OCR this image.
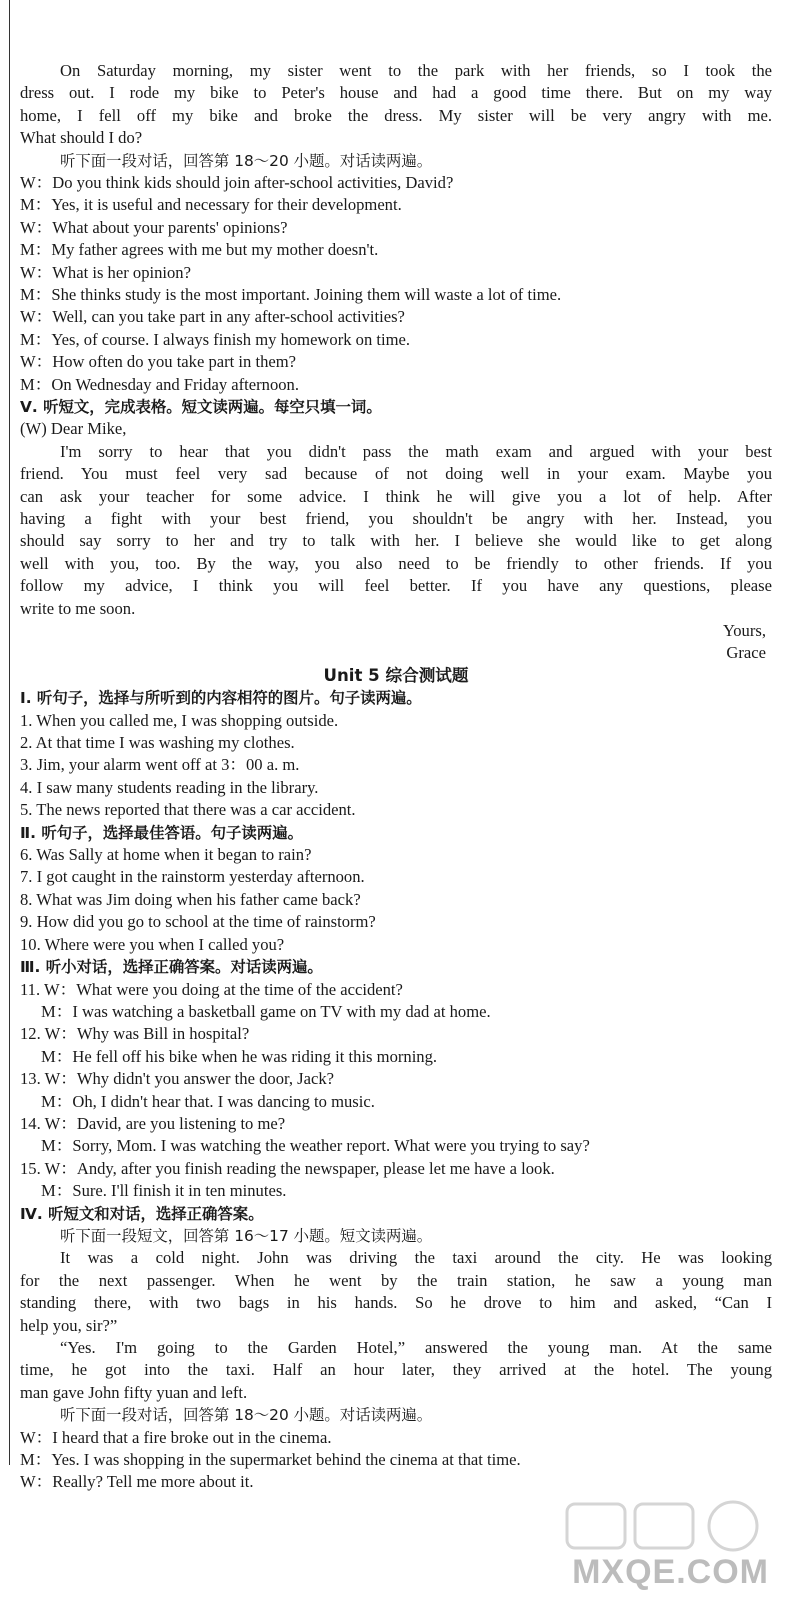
On Saturday morning, my sister went to the park with her friends, so I took the
dress out. I rode my bike to Peter's house and had a good time there. But on my way
home, I fell off my bike and broke the dress. My sister will be very angry with me.
What should I do?
听下面一段对话，回答第 18～20 小题。对话读两遍。
W：Do you think kids should join after-school activities, David?
M：Yes, it is useful and necessary for their development.
W：What about your parents' opinions?
M：My father agrees with me but my mother doesn't.
W：What is her opinion?
M：She thinks study is the most important. Joining them will waste a lot of time.
W：Well, can you take part in any after-school activities?
M：Yes, of course. I always finish my homework on time.
W：How often do you take part in them?
M：On Wednesday and Friday afternoon.
Ⅴ. 听短文，完成表格。短文读两遍。每空只填一词。
(W) Dear Mike,
I'm sorry to hear that you didn't pass the math exam and argued with your best
friend. You must feel very sad because of not doing well in your exam. Maybe you
can ask your teacher for some advice. I think he will give you a lot of help. After
having a fight with your best friend, you shouldn't be angry with her. Instead, you
should say sorry to her and try to talk with her. I believe she would like to get along
well with you, too. By the way, you also need to be friendly to other friends. If you
follow my advice, I think you will feel better. If you have any questions, please
write to me soon.
Yours,
Grace
Unit 5 综合测试题
Ⅰ. 听句子，选择与所听到的内容相符的图片。句子读两遍。
1. When you called me, I was shopping outside.
2. At that time I was washing my clothes.
3. Jim, your alarm went off at 3：00 a. m.
4. I saw many students reading in the library.
5. The news reported that there was a car accident.
Ⅱ. 听句子，选择最佳答语。句子读两遍。
6. Was Sally at home when it began to rain?
7. I got caught in the rainstorm yesterday afternoon.
8. What was Jim doing when his father came back?
9. How did you go to school at the time of rainstorm?
10. Where were you when I called you?
Ⅲ. 听小对话，选择正确答案。对话读两遍。
11. W：What were you doing at the time of the accident?
M：I was watching a basketball game on TV with my dad at home.
12. W：Why was Bill in hospital?
M：He fell off his bike when he was riding it this morning.
13. W：Why didn't you answer the door, Jack?
M：Oh, I didn't hear that. I was dancing to music.
14. W：David, are you listening to me?
M：Sorry, Mom. I was watching the weather report. What were you trying to say?
15. W：Andy, after you finish reading the newspaper, please let me have a look.
M：Sure. I'll finish it in ten minutes.
Ⅳ. 听短文和对话，选择正确答案。
听下面一段短文，回答第 16～17 小题。短文读两遍。
It was a cold night. John was driving the taxi around the city. He was looking
for the next passenger. When he went by the train station, he saw a young man
standing there, with two bags in his hands. So he drove to him and asked, “Can I
help you, sir?”
“Yes. I'm going to the Garden Hotel,” answered the young man. At the same
time, he got into the taxi. Half an hour later, they arrived at the hotel. The young
man gave John fifty yuan and left.
听下面一段对话，回答第 18～20 小题。对话读两遍。
W：I heard that a fire broke out in the cinema.
M：Yes. I was shopping in the supermarket behind the cinema at that time.
W：Really? Tell me more about it.
MXQE.COM
